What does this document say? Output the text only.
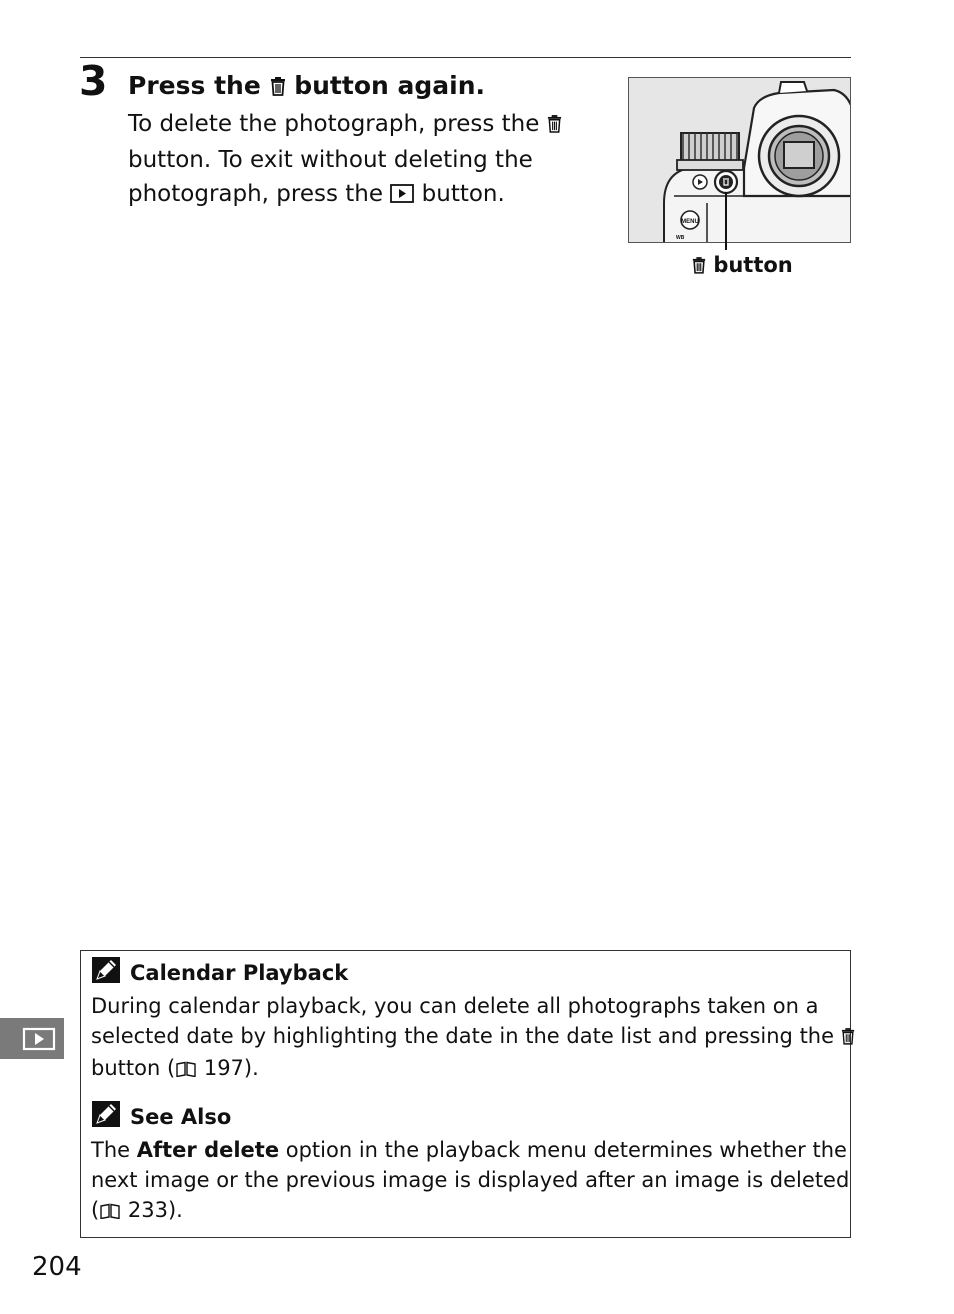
3 Press the button again.
To delete the photograph, press the
button. To exit without deleting the
photograph, press the button.
MENU
WB
button
Calendar Playback
During calendar playback, you can delete all photographs taken on a
selected date by highlighting the date in the date list and pressing the
button ( 197).
See Also
The After delete option in the playback menu determines whether the
next image or the previous image is displayed after an image is deleted
( 233).
204
